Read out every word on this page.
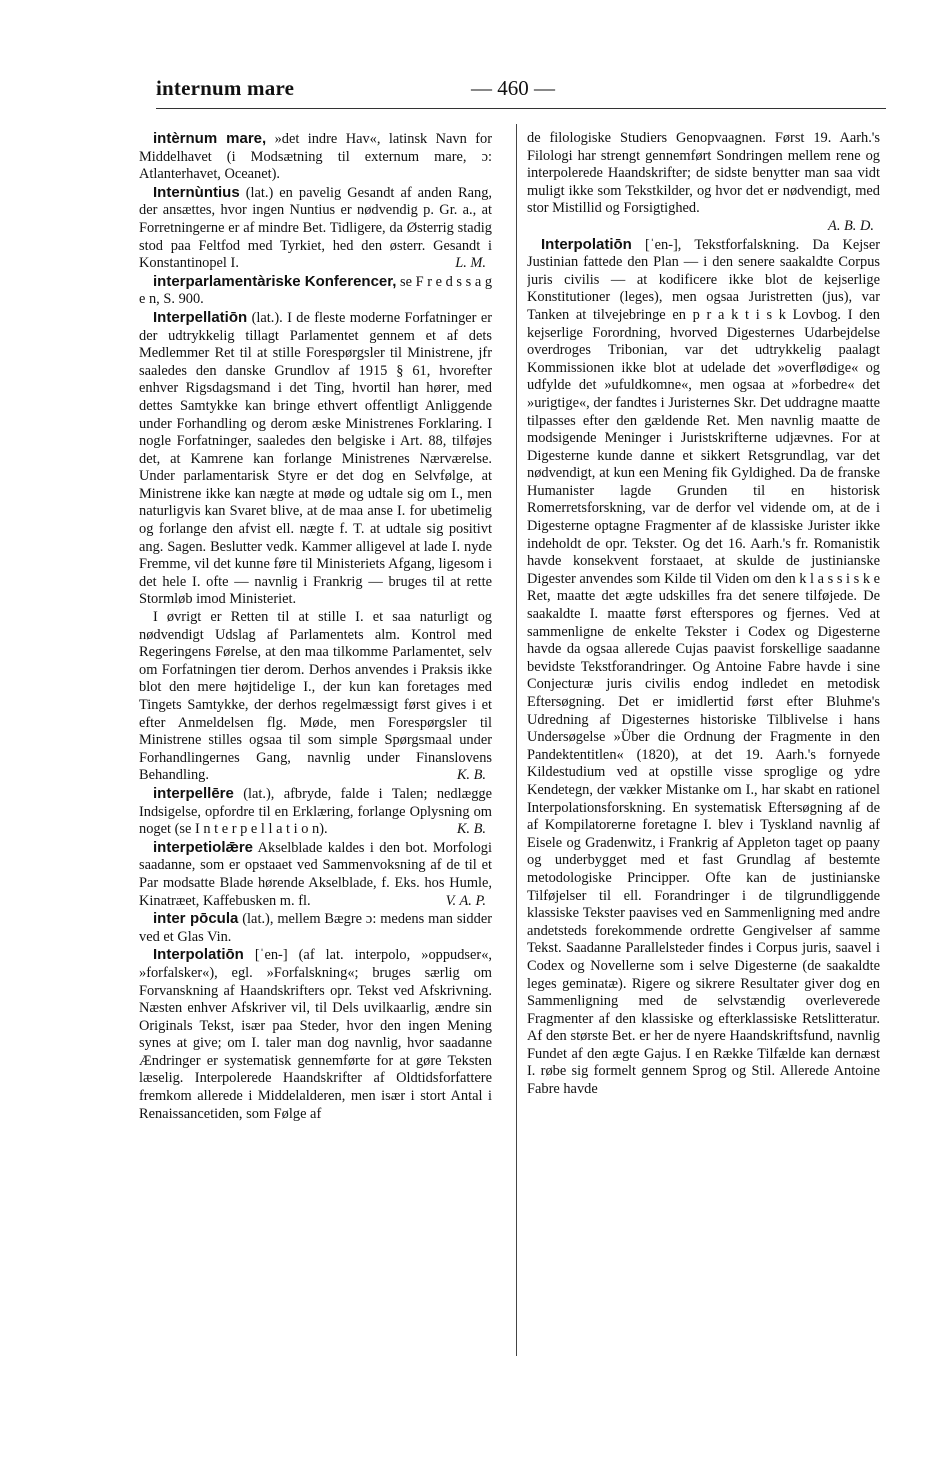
internum mare	— 460 —

intèrnum mare, »det indre Hav«, latinsk Navn for Middelhavet (i Modsætning til externum mare, ɔ: Atlanterhavet, Oceanet).

Internùntius (lat.) en pavelig Gesandt af anden Rang, der ansættes, hvor ingen Nuntius er nødvendig p. Gr. a., at Forretningerne er af mindre Bet. Tidligere, da Østerrig stadig stod paa Feltfod med Tyrkiet, hed den østerr. Gesandt i Konstantinopel I.	L. M.

interparlamentàriske Konferencer, se F r e d s s a g e n, S. 900.

Interpellatiōn (lat.). I de fleste moderne Forfatninger er der udtrykkelig tillagt Parlamentet gennem et af dets Medlemmer Ret til at stille Forespørgsler til Ministrene, jfr saaledes den danske Grundlov af 1915 § 61, hvorefter enhver Rigsdagsmand i det Ting, hvortil han hører, med dettes Samtykke kan bringe ethvert offentligt Anliggende under Forhandling og derom æske Ministrenes Forklaring. I nogle Forfatninger, saaledes den belgiske i Art. 88, tilføjes det, at Kamrene kan forlange Ministrenes Nærværelse. Under parlamentarisk Styre er det dog en Selvfølge, at Ministrene ikke kan nægte at møde og udtale sig om I., men naturligvis kan Svaret blive, at de maa anse I. for ubetimelig og forlange den afvist ell. nægte f. T. at udtale sig positivt ang. Sagen. Beslutter vedk. Kammer alligevel at lade I. nyde Fremme, vil det kunne føre til Ministeriets Afgang, ligesom i det hele I. ofte — navnlig i Frankrig — bruges til at rette Stormløb imod Ministeriet.

I øvrigt er Retten til at stille I. et saa naturligt og nødvendigt Udslag af Parlamentets alm. Kontrol med Regeringens Førelse, at den maa tilkomme Parlamentet, selv om Forfatningen tier derom. Derhos anvendes i Praksis ikke blot den mere højtidelige I., der kun kan foretages med Tingets Samtykke, der derhos regelmæssigt først gives i et efter Anmeldelsen flg. Møde, men Forespørgsler til Ministrene stilles ogsaa til som simple Spørgsmaal under Forhandlingernes Gang, navnlig under Finanslovens Behandling.	K. B.

interpellēre (lat.), afbryde, falde i Talen; nedlægge Indsigelse, opfordre til en Erklæring, forlange Oplysning om noget (se I n t e r p e l l a t i o n).	K. B.

interpetiolǣre Akselblade kaldes i den bot. Morfologi saadanne, som er opstaaet ved Sammenvoksning af de til et Par modsatte Blade hørende Akselblade, f. Eks. hos Humle, Kinatræet, Kaffebusken m. fl.	V. A. P.

inter pōcula (lat.), mellem Bægre ɔ: medens man sidder ved et Glas Vin.

Interpolatiōn [ˈen-] (af lat. interpolo, »oppudser«, »forfalsker«), egl. »Forfalskning«; bruges særlig om Forvanskning af Haandskrifters opr. Tekst ved Afskrivning. Næsten enhver Afskriver vil, til Dels uvilkaarlig, ændre sin Originals Tekst, især paa Steder, hvor den ingen Mening synes at give; om I. taler man dog navnlig, hvor saadanne Ændringer er systematisk gennemførte for at gøre Teksten læselig. Interpolerede Haandskrifter af Oldtidsforfattere fremkom allerede i Middelalderen, men især i stort Antal i Renaissancetiden, som Følge af

de filologiske Studiers Genopvaagnen. Først 19. Aarh.'s Filologi har strengt gennemført Sondringen mellem rene og interpolerede Haandskrifter; de sidste benytter man saa vidt muligt ikke som Tekstkilder, og hvor det er nødvendigt, med stor Mistillid og Forsigtighed.
A. B. D.

Interpolatiōn [ˈen-], Tekstforfalskning. Da Kejser Justinian fattede den Plan — i den senere saakaldte Corpus juris civilis — at kodificere ikke blot de kejserlige Konstitutioner (leges), men ogsaa Juristretten (jus), var Tanken at tilvejebringe en p r a k t i s k Lovbog. I den kejserlige Forordning, hvorved Digesternes Udarbejdelse overdroges Tribonian, var det udtrykkelig paalagt Kommissionen ikke blot at udelade det »overflødige« og udfylde det »ufuldkomne«, men ogsaa at »forbedre« det »urigtige«, der fandtes i Juristernes Skr. Det uddragne maatte tilpasses efter den gældende Ret. Men navnlig maatte de modsigende Meninger i Juristskrifterne udjævnes. For at Digesterne kunde danne et sikkert Retsgrundlag, var det nødvendigt, at kun een Mening fik Gyldighed. Da de franske Humanister lagde Grunden til en historisk Romerretsforskning, var de derfor vel vidende om, at de i Digesterne optagne Fragmenter af de klassiske Jurister ikke indeholdt de opr. Tekster. Og det 16. Aarh.'s fr. Romanistik havde konsekvent forstaaet, at skulde de justinianske Digester anvendes som Kilde til Viden om den k l a s s i s k e Ret, maatte det ægte udskilles fra det senere tilføjede. De saakaldte I. maatte først efterspores og fjernes. Ved at sammenligne de enkelte Tekster i Codex og Digesterne havde da ogsaa allerede Cujas paavist forskellige saadanne bevidste Tekstforandringer. Og Antoine Fabre havde i sine Conjecturæ juris civilis endog indledet en metodisk Eftersøgning. Det er imidlertid først efter Bluhme's Udredning af Digesternes historiske Tilblivelse i hans Undersøgelse »Über die Ordnung der Fragmente in den Pandektentitlen« (1820), at det 19. Aarh.'s fornyede Kildestudium ved at opstille visse sproglige og ydre Kendetegn, der vækker Mistanke om I., har skabt en rationel Interpolationsforskning. En systematisk Eftersøgning af de af Kompilatorerne foretagne I. blev i Tyskland navnlig af Eisele og Gradenwitz, i Frankrig af Appleton taget op paany og underbygget med et fast Grundlag af bestemte metodologiske Principper. Ofte kan de justinianske Tilføjelser til ell. Forandringer i de tilgrundliggende klassiske Tekster paavises ved en Sammenligning med andre andetsteds forekommende ordrette Gengivelser af samme Tekst. Saadanne Parallelsteder findes i Corpus juris, saavel i Codex og Novellerne som i selve Digesterne (de saakaldte leges geminatæ). Rigere og sikrere Resultater giver dog en Sammenligning med de selvstændig overleverede Fragmenter af den klassiske og efterklassiske Retslitteratur. Af den største Bet. er her de nyere Haandskriftsfund, navnlig Fundet af den ægte Gajus. I en Række Tilfælde kan dernæst I. røbe sig formelt gennem Sprog og Stil. Allerede Antoine Fabre havde
